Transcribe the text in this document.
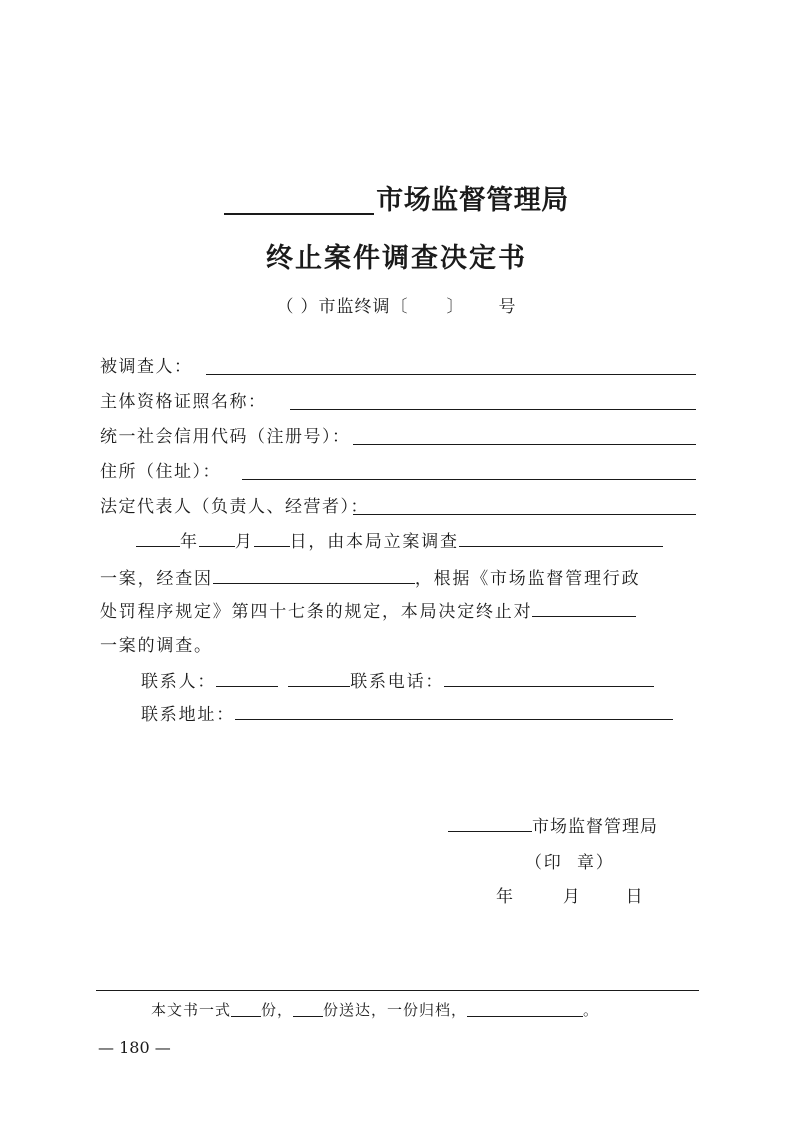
市场监督管理局
终止案件调查决定书
（ ）市监终调〔 〕 号
被调查人：
主体资格证照名称：
统一社会信用代码（注册号）：
住所（住址）：
法定代表人（负责人、经营者）：
年 月 日，由本局立案调查
一案，经查因	，根据《市场监督管理行政
处罚程序规定》第四十七条的规定，本局决定终止对
一案的调查。
联系人：	联系电话：
联系地址：
市场监督管理局
（印  章）
年	月	日
本文书一式 份， 份送达，一份归档，	。
— 180 —
